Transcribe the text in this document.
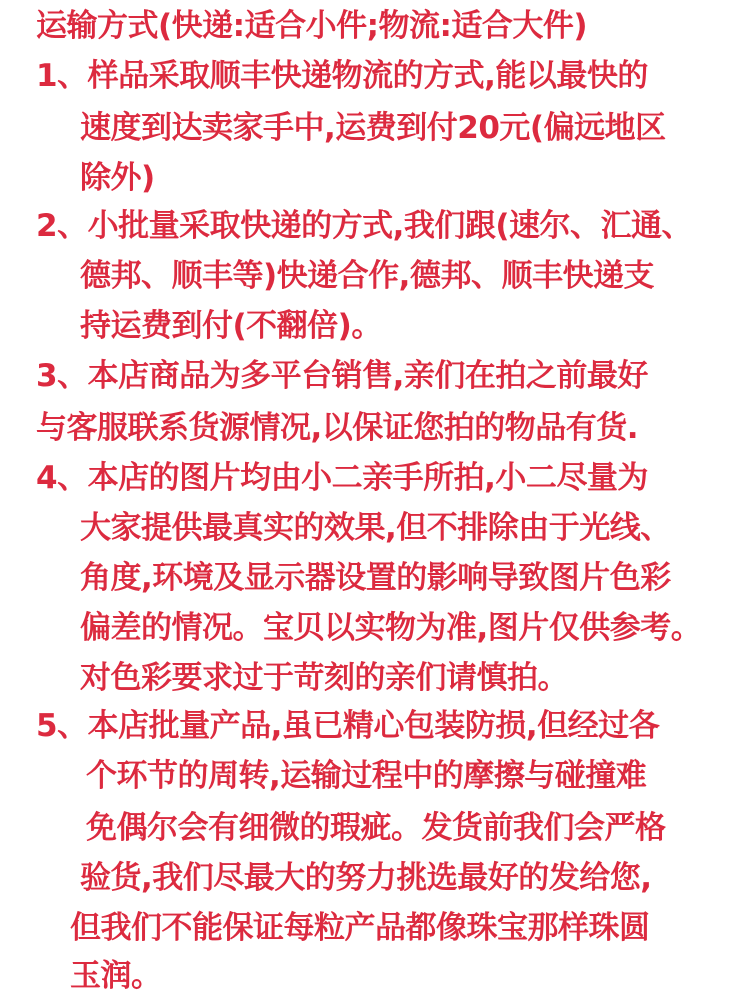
运输方式(快递:适合小件;物流:适合大件)
1、样品采取顺丰快递物流的方式,能以最快的
速度到达卖家手中,运费到付20元(偏远地区
除外)
2、小批量采取快递的方式,我们跟(速尔、汇通、
德邦、顺丰等)快递合作,德邦、顺丰快递支
持运费到付(不翻倍)。
3、本店商品为多平台销售,亲们在拍之前最好
与客服联系货源情况,以保证您拍的物品有货.
4、本店的图片均由小二亲手所拍,小二尽量为
大家提供最真实的效果,但不排除由于光线、
角度,环境及显示器设置的影响导致图片色彩
偏差的情况。宝贝以实物为准,图片仅供参考。
对色彩要求过于苛刻的亲们请慎拍。
5、本店批量产品,虽已精心包装防损,但经过各
个环节的周转,运输过程中的摩擦与碰撞难
免偶尔会有细微的瑕疵。发货前我们会严格
验货,我们尽最大的努力挑选最好的发给您,
但我们不能保证每粒产品都像珠宝那样珠圆
玉润。
